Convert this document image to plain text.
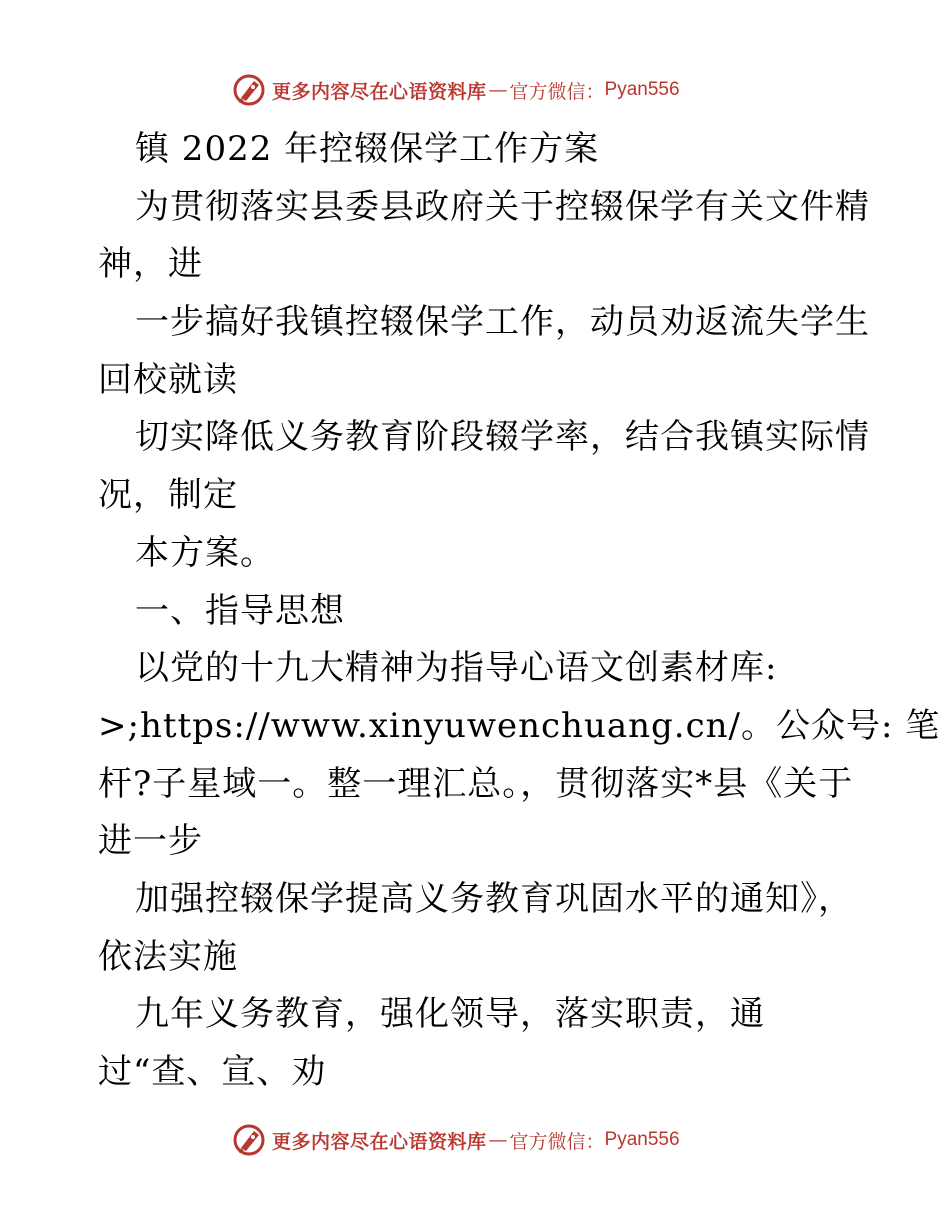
更多内容尽在心语资料库 — 官方微信： Pyan556
镇 2022 年控辍保学工作方案
为贯彻落实县委县政府关于控辍保学有关文件精
神，进
一步搞好我镇控辍保学工作，动员劝返流失学生
回校就读
切实降低义务教育阶段辍学率，结合我镇实际情
况，制定
本方案。
一、指导思想
以党的十九大精神为指导心语文创素材库:
>;https://www.xinyuwenchuang.cn/。公众号: 笔
杆?子星域一。整一理汇总。，贯彻落实*县《关于
进一步
加强控辍保学提高义务教育巩固水平的通知》，
依法实施
九年义务教育，强化领导，落实职责，通
过“查、宣、劝
更多内容尽在心语资料库 — 官方微信： Pyan556
